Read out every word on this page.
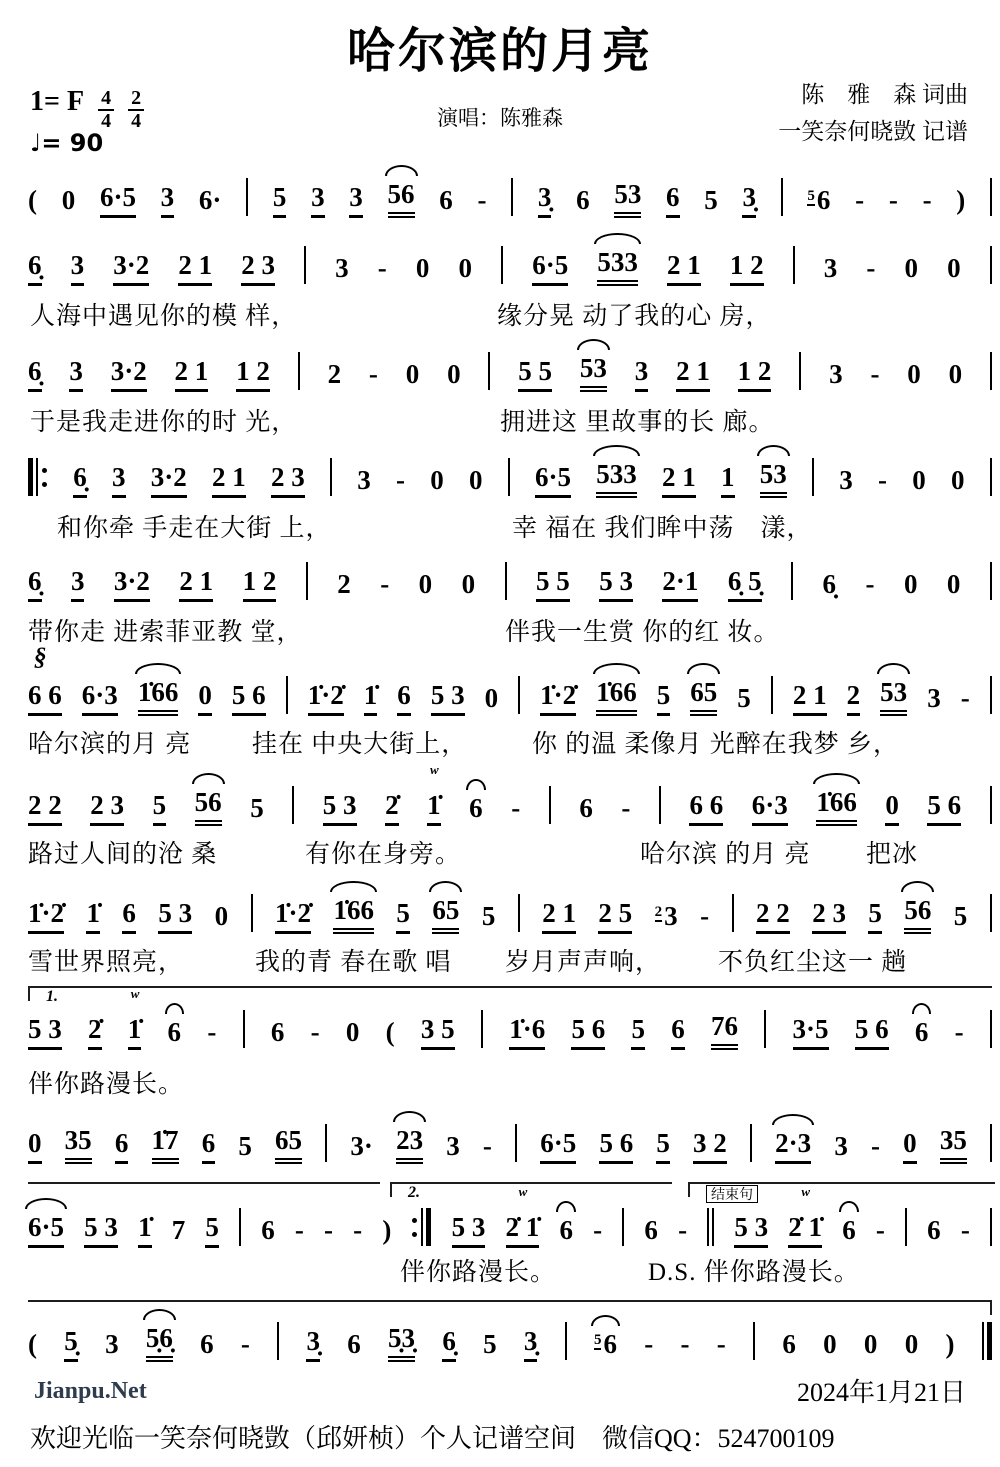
哈尔滨的月亮
1= F $\frac{4}{4} \frac{2}{4}$
♩= 90
演唱：陈雅森
陈　雅　森 词曲
一笑奈何晓敳 记谱
( 0 6·5 3 6· 5 3 3 56 6 - 3̣ 6 53 6 5 3̣	$^5$6 - - - )
6̣ 3 3·2 2 1 2 3 3 - 0 0 6·5 533 2 1 1 2 3 - 0 0
人海中遇见你的模 样，	缘分晃 动了我的心 房，
6̣ 3 3·2 2 1 1 2 2 - 0 0 5 5 53 3 2 1 1 2 3 - 0 0
于是我走进你的时 光，	拥进这 里故事的长 廊。
6̣ 3 3·2 2 1 2 3 3 - 0 0 6·5 533 2 1 1 53 3 - 0 0
和你牵 手走在大街 上，	幸 福在 我们眸中荡　漾，
6̣ 3 3·2 2 1 1 2 2 - 0 0 5 5 5 3 2·1 6̣ 5̣ 6̣ - 0 0
带你走 进索菲亚教 堂，	伴我一生赏 你的红 妆。
§
6 6 6·3 1̇66 0 5 6 1̇·2̇ 1̇ 6 5 3 0 1̇·2̇ 1̇66 5 65 5 2 1 2 53 3 -
哈尔滨的月 亮 挂在 中央大街上，	你 的温 柔像月 光醉在我梦 乡，
2 2 2 3 5 56 5 5 3 2̇ 1̇
w
6 - 6 - 6 6 6·3 1̇66 0 5 6
路过人间的沧 桑	有你在身旁。	哈尔滨 的月 亮 把冰
1̇·2̇ 1̇ 6 5 3 0 1̇·2̇ 1̇66 5 65 5 2 1 2 5 $^2$3 - 2 2 2 3 5 56 5
雪世界照亮，	我的青 春在歌 唱 岁月声声响， 不负红尘这一 趟
1.
5 3 2̇ 1̇
w
6 - 6 - 0 ( 3 5 1̇·6 5 6 5 6 76 3·5 5 6 6 -
伴你路漫长。
0 35 6 1̇7 6 5 65 3· 23 3 - 6·5 5 6 5 3 2 2·3 3 - 0 35
2.	结束句
6·5 5 3 1̇ 7 5 6 - - - ) 5 3 2̇ 1̇
w
6 - 6 - 5 3 2̇ 1̇
w
6 - 6 -
伴你路漫长。	D.S. 伴你路漫长。
( 5̣ 3 5̣6̣ 6 - 3̣ 6 5̣3̣ 6̣ 5 3̣	$^5$6 - - - 6 0 0 0 )
Jianpu.Net	2024年1月21日
欢迎光临一笑奈何晓敳（邱妍桢）个人记谱空间　微信QQ：524700109
